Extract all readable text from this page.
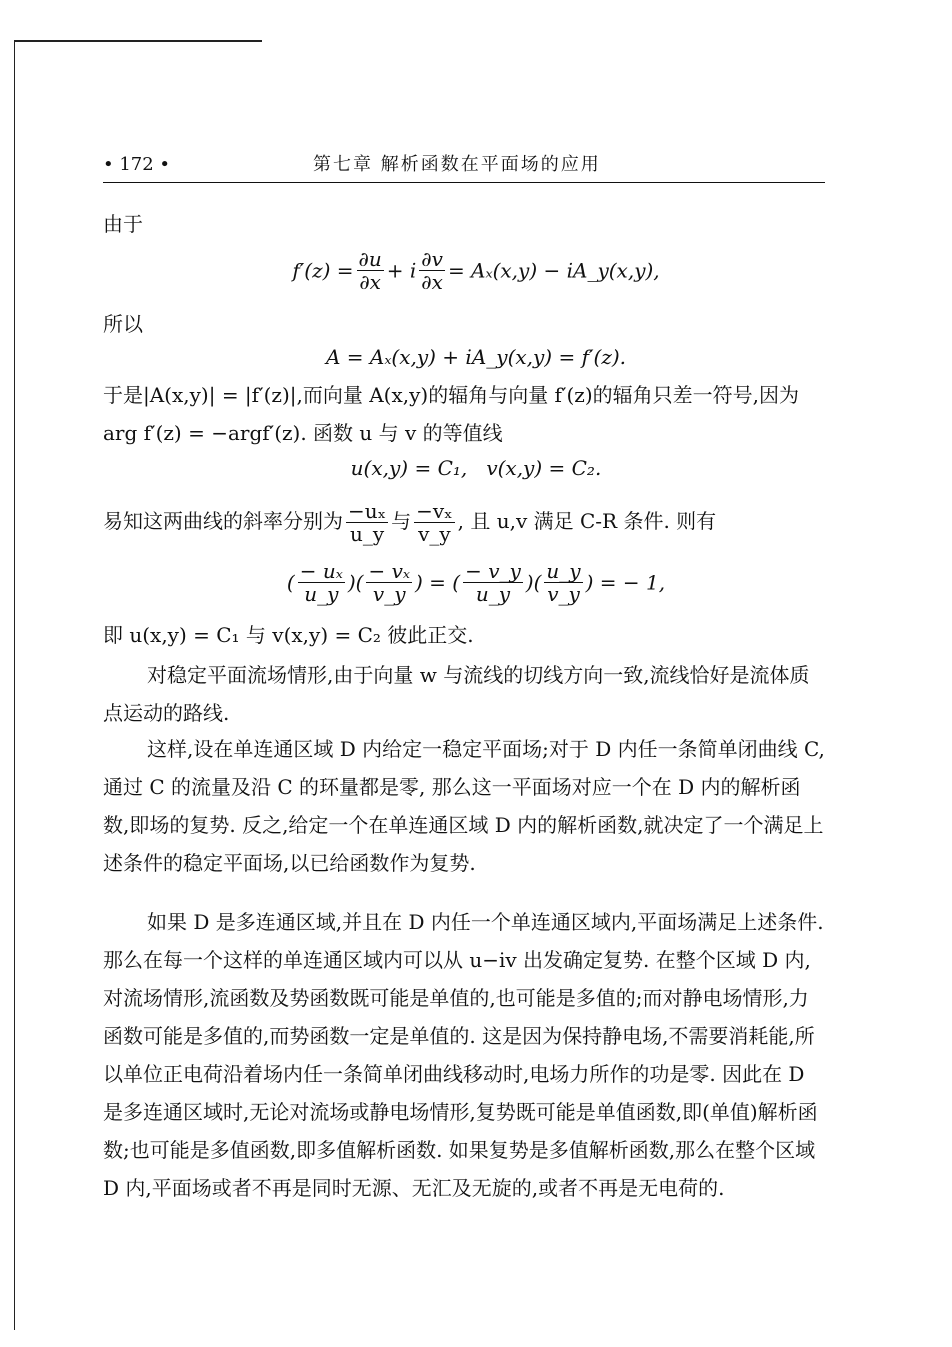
• 172 •	第七章 解析函数在平面场的应用
由于
$f'(z) = \frac{\partial u}{\partial x} + i \frac{\partial v}{\partial x} = A_x(x,y)$ − iA_y(x,y),
所以
A = Aₓ(x,y) + iA_y(x,y) = f′(z).
于是|A(x,y)| = |f′(z)|,而向量 A(x,y)的辐角与向量 f′(z)的辐角只差一符号,因为 arg f′(z) = −argf′(z). 函数 u 与 v 的等值线
u(x,y) = C₁,   v(x,y) = C₂.
易知这两曲线的斜率分别为 $\frac{\text{−uₓ}}{u\_y}$ 与 $\frac{\text{−vₓ}}{v\_y}$ , 且 u,v 满足 C-R 条件. 则有
( $\frac{\text{− uₓ}}{u\_y}$ )( $\frac{\text{− vₓ}}{v\_y}$ ) = ( $\frac{- v\_y}{u\_y}$ )( $\frac{u\_y}{v\_y}$ ) = − 1,
即 u(x,y) = C₁ 与 v(x,y) = C₂ 彼此正交.
对稳定平面流场情形,由于向量 w 与流线的切线方向一致,流线恰好是流体质点运动的路线.
这样,设在单连通区域 D 内给定一稳定平面场;对于 D 内任一条简单闭曲线 C,通过 C 的流量及沿 C 的环量都是零, 那么这一平面场对应一个在 D 内的解析函数,即场的复势. 反之,给定一个在单连通区域 D 内的解析函数,就决定了一个满足上述条件的稳定平面场,以已给函数作为复势.
如果 D 是多连通区域,并且在 D 内任一个单连通区域内,平面场满足上述条件. 那么在每一个这样的单连通区域内可以从 u−iv 出发确定复势. 在整个区域 D 内,对流场情形,流函数及势函数既可能是单值的,也可能是多值的;而对静电场情形,力函数可能是多值的,而势函数一定是单值的. 这是因为保持静电场,不需要消耗能,所以单位正电荷沿着场内任一条简单闭曲线移动时,电场力所作的功是零. 因此在 D 是多连通区域时,无论对流场或静电场情形,复势既可能是单值函数,即(单值)解析函数;也可能是多值函数,即多值解析函数. 如果复势是多值解析函数,那么在整个区域 D 内,平面场或者不再是同时无源、无汇及无旋的,或者不再是无电荷的.
